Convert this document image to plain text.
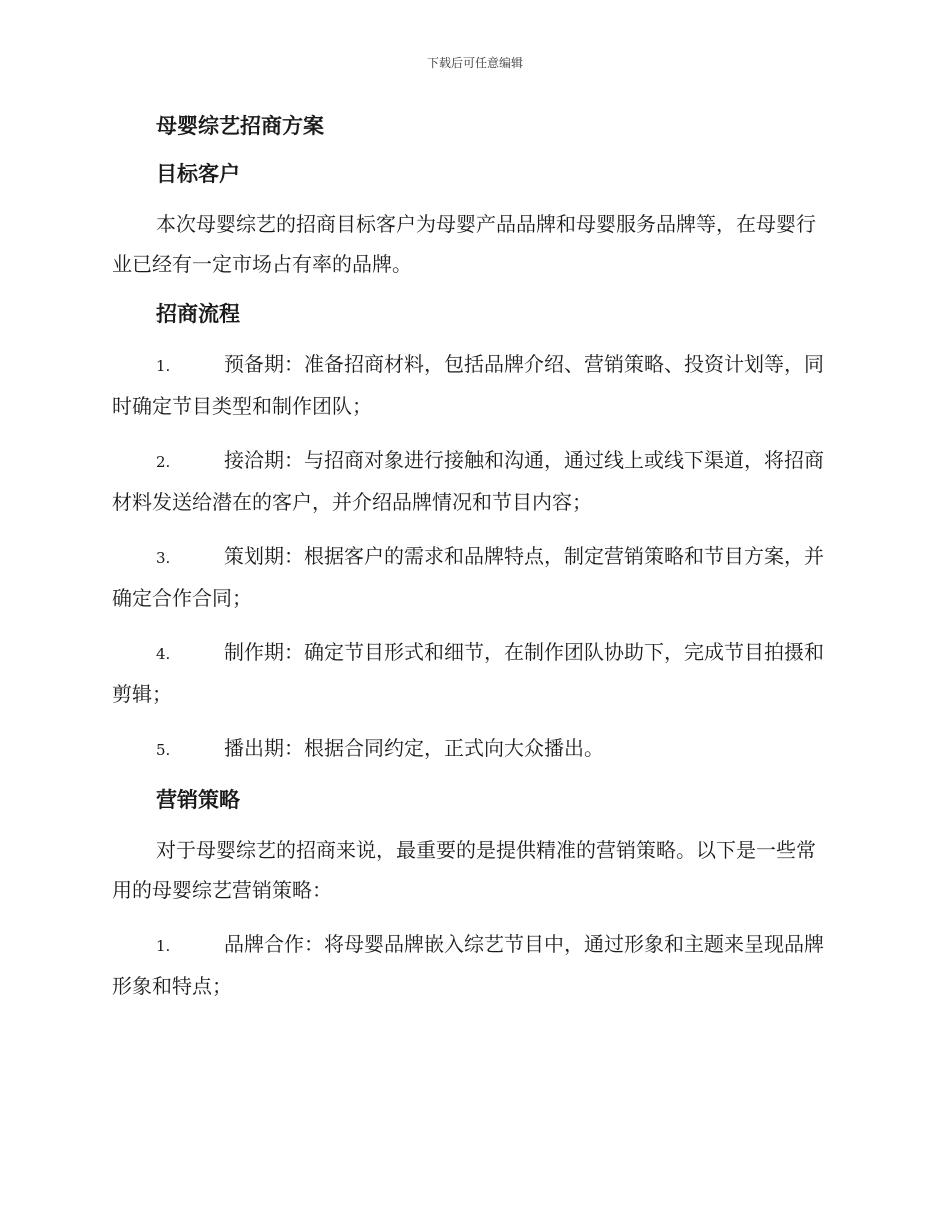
下载后可任意编辑
母婴综艺招商方案
目标客户

本次母婴综艺的招商目标客户为母婴产品品牌和母婴服务品牌等，在母婴行业已经有一定市场占有率的品牌。

招商流程

1.	预备期：准备招商材料，包括品牌介绍、营销策略、投资计划等，同时确定节目类型和制作团队；

2.	接洽期：与招商对象进行接触和沟通，通过线上或线下渠道，将招商材料发送给潜在的客户，并介绍品牌情况和节目内容；

3.	策划期：根据客户的需求和品牌特点，制定营销策略和节目方案，并确定合作合同；

4.	制作期：确定节目形式和细节，在制作团队协助下，完成节目拍摄和剪辑；

5.	播出期：根据合同约定，正式向大众播出。

营销策略

对于母婴综艺的招商来说，最重要的是提供精准的营销策略。以下是一些常用的母婴综艺营销策略：

1.	品牌合作：将母婴品牌嵌入综艺节目中，通过形象和主题来呈现品牌形象和特点；
